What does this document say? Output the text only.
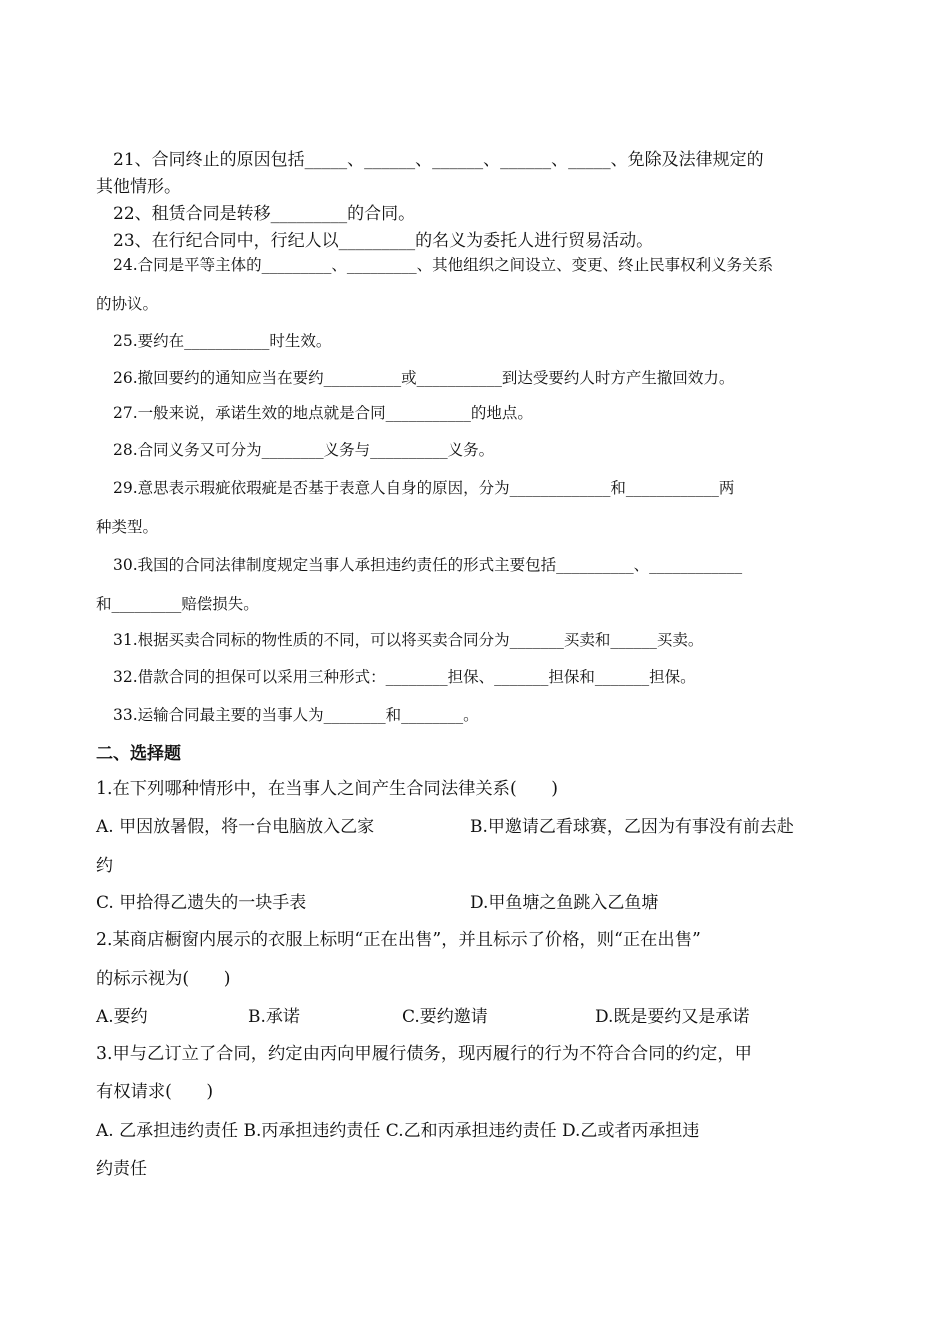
21、合同终止的原因包括_____、______、______、______、_____、免除及法律规定的
其他情形。
22、租赁合同是转移_________的合同。
23、在行纪合同中，行纪人以_________的名义为委托人进行贸易活动。
24.合同是平等主体的_________、_________、其他组织之间设立、变更、终止民事权利义务关系
的协议。
25.要约在___________时生效。
26.撤回要约的通知应当在要约__________或___________到达受要约人时方产生撤回效力。
27.一般来说，承诺生效的地点就是合同___________的地点。
28.合同义务又可分为________义务与__________义务。
29.意思表示瑕疵依瑕疵是否基于表意人自身的原因，分为_____________和____________两
种类型。
30.我国的合同法律制度规定当事人承担违约责任的形式主要包括__________、____________
和_________赔偿损失。
31.根据买卖合同标的物性质的不同，可以将买卖合同分为_______买卖和______买卖。
32.借款合同的担保可以采用三种形式：________担保、_______担保和_______担保。
33.运输合同最主要的当事人为________和________。
二、选择题
1.在下列哪种情形中，在当事人之间产生合同法律关系(　　)
A. 甲因放暑假，将一台电脑放入乙家	B.甲邀请乙看球赛，乙因为有事没有前去赴
约
C. 甲拾得乙遗失的一块手表	D.甲鱼塘之鱼跳入乙鱼塘
2.某商店橱窗内展示的衣服上标明“正在出售”，并且标示了价格，则“正在出售”
的标示视为(　　)
A.要约	B.承诺	C.要约邀请	D.既是要约又是承诺
3.甲与乙订立了合同，约定由丙向甲履行债务，现丙履行的行为不符合合同的约定，甲
有权请求(　　)
A. 乙承担违约责任 B.丙承担违约责任 C.乙和丙承担违约责任 D.乙或者丙承担违
约责任
